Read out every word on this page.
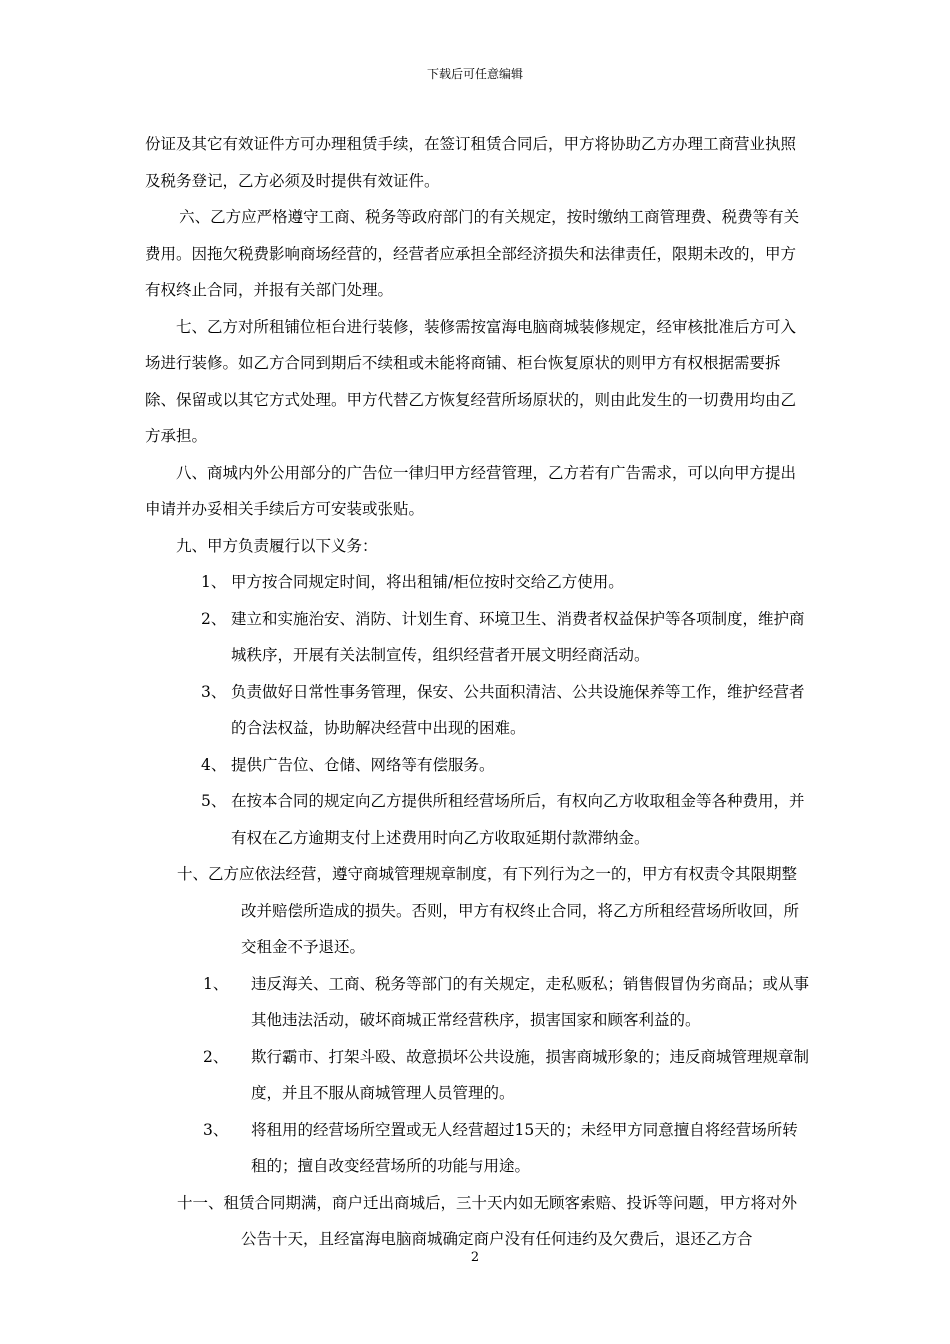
下载后可任意编辑

份证及其它有效证件方可办理租赁手续，在签订租赁合同后，甲方将协助乙方办理工商营业执照及税务登记，乙方必须及时提供有效证件。

六、乙方应严格遵守工商、税务等政府部门的有关规定，按时缴纳工商管理费、税费等有关费用。因拖欠税费影响商场经营的，经营者应承担全部经济损失和法律责任，限期未改的，甲方有权终止合同，并报有关部门处理。

七、乙方对所租铺位柜台进行装修，装修需按富海电脑商城装修规定，经审核批准后方可入场进行装修。如乙方合同到期后不续租或未能将商铺、柜台恢复原状的则甲方有权根据需要拆除、保留或以其它方式处理。甲方代替乙方恢复经营所场原状的，则由此发生的一切费用均由乙方承担。

八、商城内外公用部分的广告位一律归甲方经营管理，乙方若有广告需求，可以向甲方提出申请并办妥相关手续后方可安装或张贴。

九、甲方负责履行以下义务：

1、 甲方按合同规定时间，将出租铺/柜位按时交给乙方使用。
2、 建立和实施治安、消防、计划生育、环境卫生、消费者权益保护等各项制度，维护商城秩序，开展有关法制宣传，组织经营者开展文明经商活动。
3、 负责做好日常性事务管理，保安、公共面积清洁、公共设施保养等工作，维护经营者的合法权益，协助解决经营中出现的困难。
4、 提供广告位、仓储、网络等有偿服务。
5、 在按本合同的规定向乙方提供所租经营场所后，有权向乙方收取租金等各种费用，并有权在乙方逾期支付上述费用时向乙方收取延期付款滞纳金。

十、乙方应依法经营，遵守商城管理规章制度，有下列行为之一的，甲方有权责令其限期整改并赔偿所造成的损失。否则，甲方有权终止合同，将乙方所租经营场所收回，所交租金不予退还。

1、	违反海关、工商、税务等部门的有关规定，走私贩私；销售假冒伪劣商品；或从事其他违法活动，破坏商城正常经营秩序，损害国家和顾客利益的。
2、	欺行霸市、打架斗殴、故意损坏公共设施，损害商城形象的；违反商城管理规章制度，并且不服从商城管理人员管理的。
3、	将租用的经营场所空置或无人经营超过15天的；未经甲方同意擅自将经营场所转租的；擅自改变经营场所的功能与用途。

十一、租赁合同期满，商户迁出商城后，三十天内如无顾客索赔、投诉等问题，甲方将对外公告十天，且经富海电脑商城确定商户没有任何违约及欠费后，退还乙方合

2
